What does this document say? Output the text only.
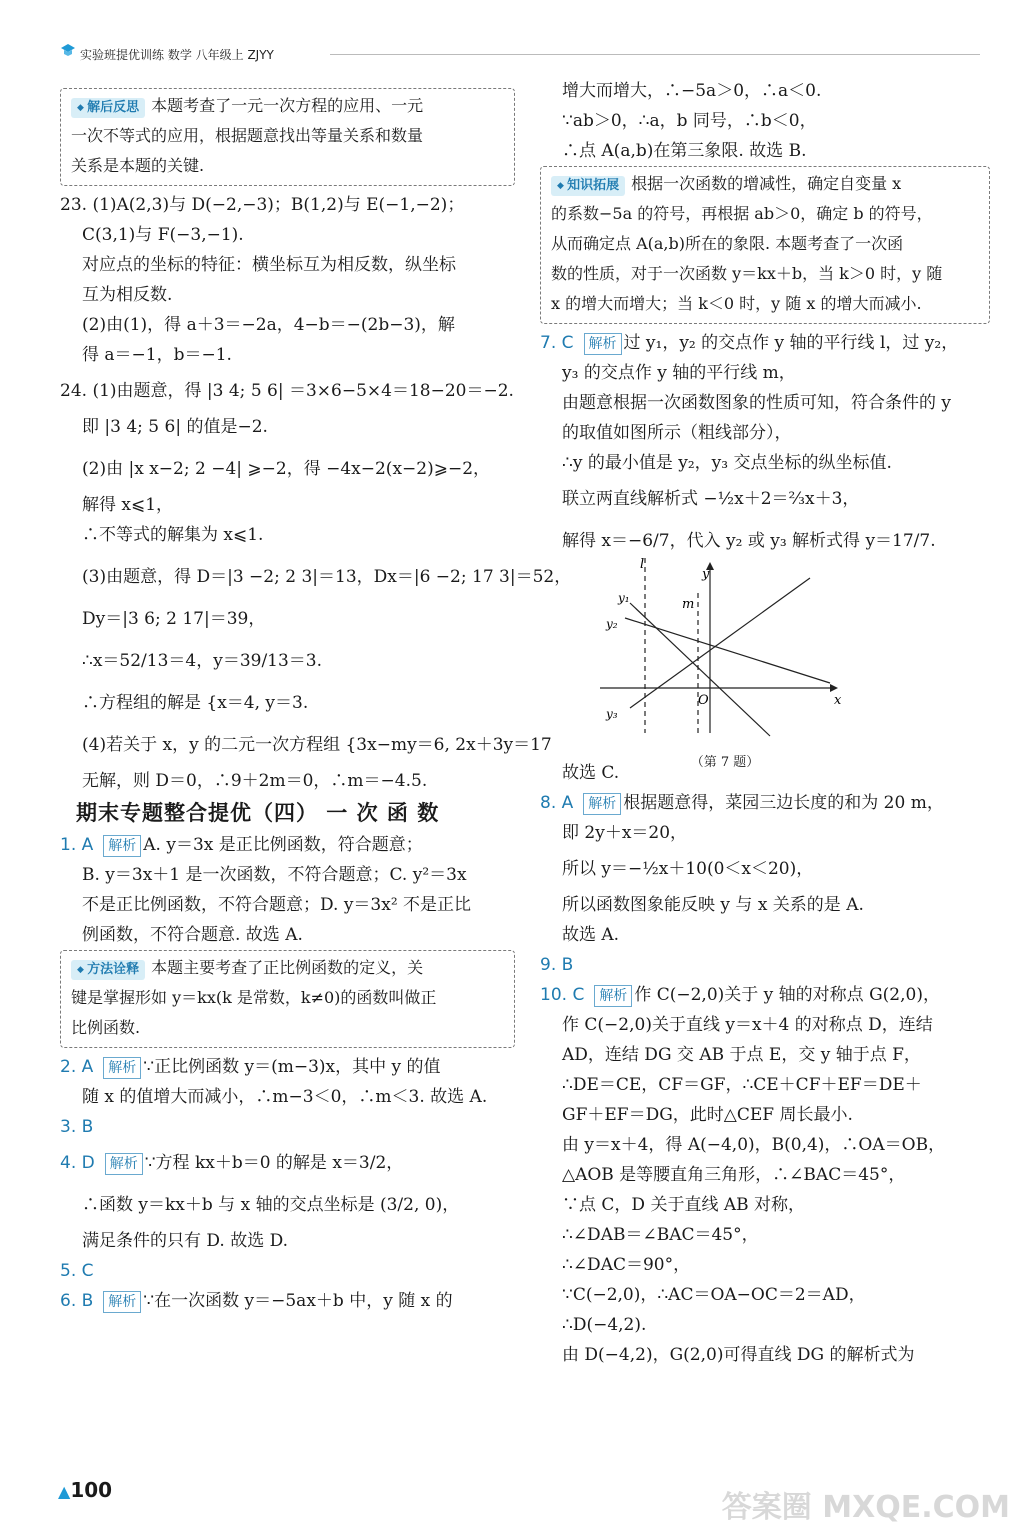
实验班提优训练 数学 八年级上 ZJYY
◆ 解后反思 本题考查了一元一次方程的应用、一元
一次不等式的应用，根据题意找出等量关系和数量
关系是本题的关键.
23. (1)A(2,3)与 D(−2,−3)；B(1,2)与 E(−1,−2)；
C(3,1)与 F(−3,−1).
对应点的坐标的特征：横坐标互为相反数，纵坐标
互为相反数.
(2)由(1)，得 a＋3＝−2a，4−b＝−(2b−3)，解
得 a＝−1，b＝−1.
24. (1)由题意，得 |3 4; 5 6| ＝3×6−5×4＝18−20＝−2.
即 |3 4; 5 6| 的值是−2.
(2)由 |x x−2; 2 −4| ⩾−2，得 −4x−2(x−2)⩾−2，
解得 x⩽1，
∴不等式的解集为 x⩽1.
(3)由题意，得 D＝|3 −2; 2 3|＝13，Dx＝|6 −2; 17 3|＝52，
Dy＝|3 6; 2 17|＝39，
∴x＝52/13＝4，y＝39/13＝3.
∴方程组的解是 {x＝4, y＝3.
(4)若关于 x，y 的二元一次方程组 {3x−my＝6, 2x＋3y＝17
无解，则 D＝0，∴9＋2m＝0，∴m＝−4.5.
期末专题整合提优（四） 一 次 函 数
1. A 解析 A. y＝3x 是正比例函数，符合题意；
B. y＝3x＋1 是一次函数，不符合题意；C. y²＝3x
不是正比例函数，不符合题意；D. y＝3x² 不是正比
例函数，不符合题意. 故选 A.
◆ 方法诠释 本题主要考查了正比例函数的定义，关
键是掌握形如 y＝kx(k 是常数，k≠0)的函数叫做正
比例函数.
2. A 解析 ∵正比例函数 y＝(m−3)x，其中 y 的值
随 x 的值增大而减小，∴m−3＜0，∴m＜3. 故选 A.
3. B
4. D 解析 ∵方程 kx＋b＝0 的解是 x＝3/2，
∴函数 y＝kx＋b 与 x 轴的交点坐标是 (3/2, 0)，
满足条件的只有 D. 故选 D.
5. C
6. B 解析 ∵在一次函数 y＝−5ax＋b 中，y 随 x 的
增大而增大，∴−5a＞0，∴a＜0.
∵ab＞0，∴a，b 同号，∴b＜0，
∴点 A(a,b)在第三象限. 故选 B.
◆ 知识拓展 根据一次函数的增减性，确定自变量 x
的系数−5a 的符号，再根据 ab＞0，确定 b 的符号，
从而确定点 A(a,b)所在的象限. 本题考查了一次函
数的性质，对于一次函数 y＝kx＋b，当 k＞0 时，y 随
x 的增大而增大；当 k＜0 时，y 随 x 的增大而减小.
7. C 解析 过 y₁，y₂ 的交点作 y 轴的平行线 l，过 y₂，
y₃ 的交点作 y 轴的平行线 m，
由题意根据一次函数图象的性质可知，符合条件的 y
的取值如图所示（粗线部分），
∴y 的最小值是 y₂，y₃ 交点坐标的纵坐标值.
联立两直线解析式 −½x＋2＝⅔x＋3，
解得 x＝−6/7，代入 y₂ 或 y₃ 解析式得 y＝17/7.
l
m
y
x
O
y₁
y₂
y₃
（第 7 题）
故选 C.
8. A 解析 根据题意得，菜园三边长度的和为 20 m，
即 2y＋x＝20，
所以 y＝−½x＋10(0＜x＜20)，
所以函数图象能反映 y 与 x 关系的是 A.
故选 A.
9. B
10. C 解析 作 C(−2,0)关于 y 轴的对称点 G(2,0)，
作 C(−2,0)关于直线 y＝x＋4 的对称点 D，连结
AD，连结 DG 交 AB 于点 E，交 y 轴于点 F，
∴DE＝CE，CF＝GF，∴CE＋CF＋EF＝DE＋
GF＋EF＝DG，此时△CEF 周长最小.
由 y＝x＋4，得 A(−4,0)，B(0,4)，∴OA＝OB，
△AOB 是等腰直角三角形，∴∠BAC＝45°，
∵点 C，D 关于直线 AB 对称，
∴∠DAB＝∠BAC＝45°，
∴∠DAC＝90°，
∵C(−2,0)，∴AC＝OA−OC＝2＝AD，
∴D(−4,2).
由 D(−4,2)，G(2,0)可得直线 DG 的解析式为
▲100	答案圈 MXQE.COM
